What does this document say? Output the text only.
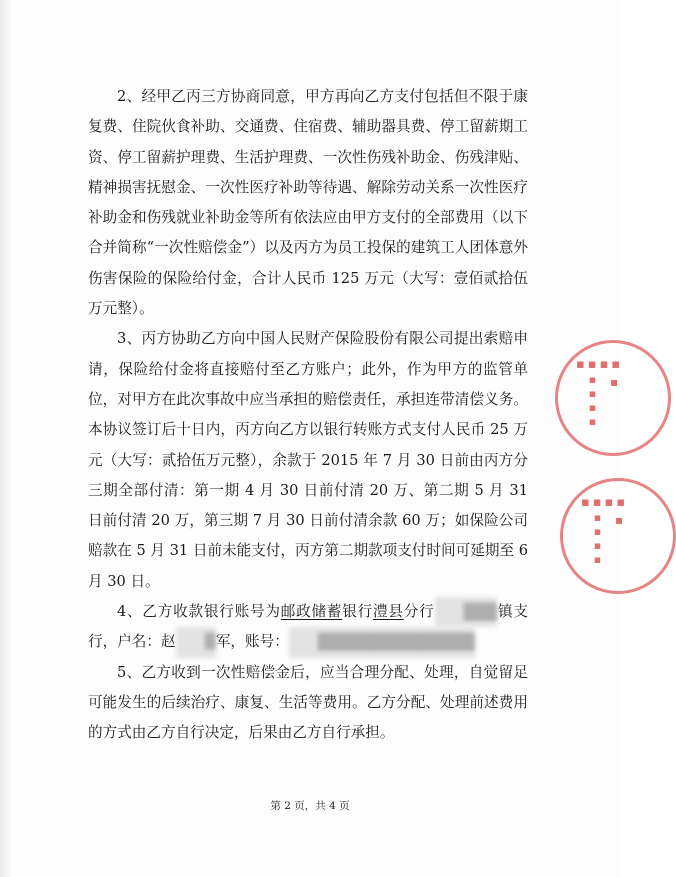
2、经甲乙丙三方协商同意，甲方再向乙方支付包括但不限于康复费、住院伙食补助、交通费、住宿费、辅助器具费、停工留薪期工资、停工留薪护理费、生活护理费、一次性伤残补助金、伤残津贴、精神损害抚慰金、一次性医疗补助等待遇、解除劳动关系一次性医疗补助金和伤残就业补助金等所有依法应由甲方支付的全部费用（以下合并简称“一次性赔偿金”）以及丙方为员工投保的建筑工人团体意外伤害保险的保险给付金，合计人民币 125 万元（大写：壹佰贰拾伍万元整）。

3、丙方协助乙方向中国人民财产保险股份有限公司提出索赔申请，保险给付金将直接赔付至乙方账户；此外，作为甲方的监管单位，对甲方在此次事故中应当承担的赔偿责任，承担连带清偿义务。本协议签订后十日内，丙方向乙方以银行转账方式支付人民币 25 万元（大写：贰拾伍万元整），余款于 2015 年 7 月 30 日前由丙方分三期全部付清：第一期 4 月 30 日前付清 20 万、第二期 5 月 31 日前付清 20 万，第三期 7 月 30 日前付清余款 60 万；如保险公司赔款在 5 月 31 日前未能支付，丙方第二期款项支付时间可延期至 6 月 30 日。

4、乙方收款银行账号为邮政储蓄银行澧县分行 ▒▒▒镇支行，户名：赵 ▒军，账号： ▒▒▒▒▒▒▒▒▒▒▒▒▒▒

5、乙方收到一次性赔偿金后，应当合理分配、处理，自觉留足可能发生的后续治疗、康复、生活等费用。乙方分配、处理前述费用的方式由乙方自行决定，后果由乙方自行承担。

▪▪▪▪
▪▪▪▪ ▪
▪▪▪▪
▪▪▪▪ ▪
第 2 页，共 4 页
